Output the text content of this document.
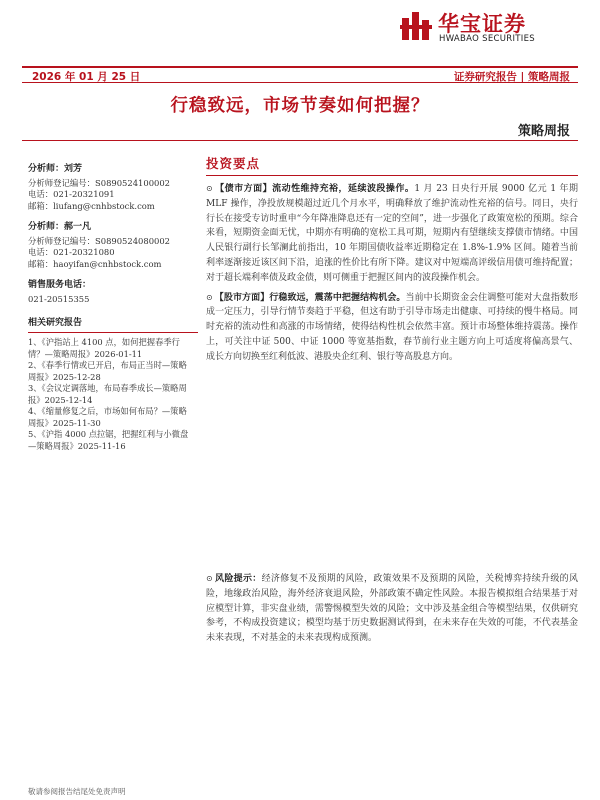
华宝证券
HWABAO SECURITIES
2026 年 01 月 25 日	证券研究报告 | 策略周报
行稳致远，市场节奏如何把握？
策略周报
分析师：刘芳
分析师登记编号：S0890524100002
电话：021-20321091
邮箱：liufang@cnhbstock.com
分析师：郝一凡
分析师登记编号：S0890524080002
电话：021-20321080
邮箱：haoyifan@cnhbstock.com
销售服务电话：
021-20515355
相关研究报告
1、《沪指站上 4100 点，如何把握春季行情？—策略周报》2026-01-11
2、《春季行情或已开启，布局正当时—策略周报》2025-12-28
3、《会议定调落地，布局春季成长—策略周报》2025-12-14
4、《缩量修复之后，市场如何布局？—策略周报》2025-11-30
5、《沪指 4000 点拉锯，把握红利与小微盘—策略周报》2025-11-16
投资要点

⊙ 【债市方面】流动性维持充裕，延续波段操作。1 月 23 日央行开展 9000 亿元 1 年期 MLF 操作，净投放规模超过近几个月水平，明确释放了维护流动性充裕的信号。同日，央行行长在接受专访时重申“今年降准降息还有一定的空间”，进一步强化了政策宽松的预期。综合来看，短期资金面无忧，中期亦有明确的宽松工具可期，短期内有望继续支撑债市情绪。中国人民银行副行长邹澜此前指出，10 年期国债收益率近期稳定在 1.8%-1.9% 区间。随着当前利率逐渐接近该区间下沿，追涨的性价比有所下降。建议对中短端高评级信用债可维持配置；对于超长端利率债及政金债，则可侧重于把握区间内的波段操作机会。

⊙ 【股市方面】行稳致远，震荡中把握结构机会。当前中长期资金会住调整可能对大盘指数形成一定压力，引导行情节奏趋于平稳，但这有助于引导市场走出健康、可持续的慢牛格局。同时充裕的流动性和高涨的市场情绪，使得结构性机会依然丰富。预计市场整体维持震荡。操作上，可关注中证 500、中证 1000 等宽基指数，春节前行业主题方向上可适度将偏高景气、成长方向切换至红利低波、港股央企红利、银行等高股息方向。

⊙ 风险提示：经济修复不及预期的风险，政策效果不及预期的风险，关税博弈持续升级的风险，地缘政治风险，海外经济衰退风险，外部政策不确定性风险。本报告模拟组合结果基于对应模型计算，非实盘业绩，需警惕模型失效的风险；文中涉及基金组合等模型结果，仅供研究参考，不构成投资建议；模型均基于历史数据测试得到，在未来存在失效的可能，不代表基金未来表现，不对基金的未来表现构成预测。
敬请参阅报告结尾处免责声明
